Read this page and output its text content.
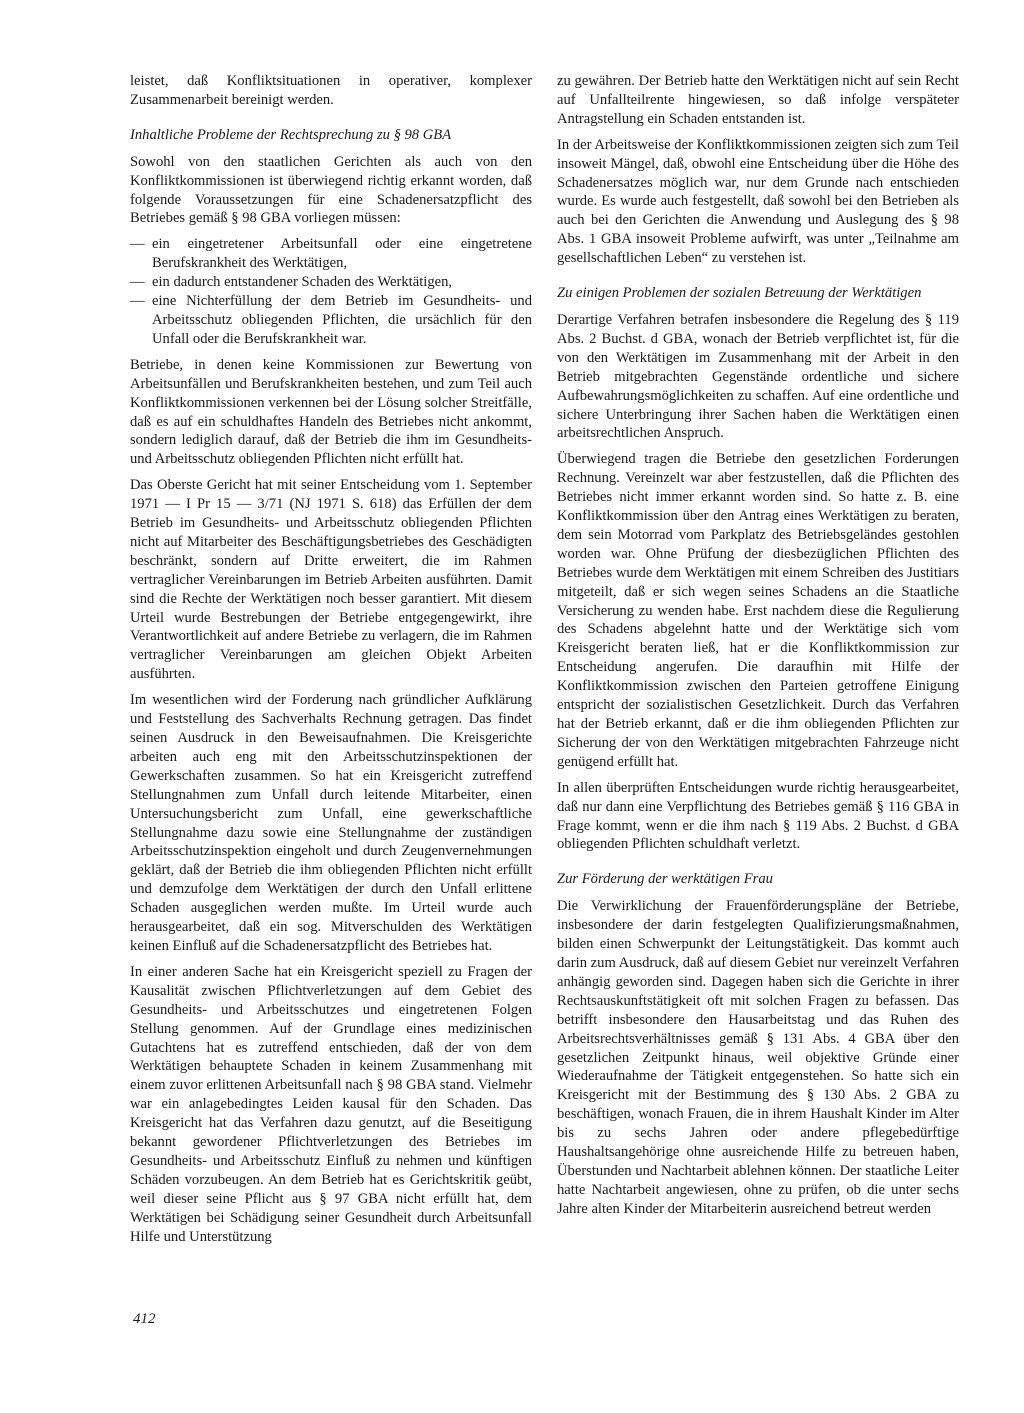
leistet, daß Konfliktsituationen in operativer, komplexer Zusammenarbeit bereinigt werden.

Inhaltliche Probleme der Rechtsprechung zu § 98 GBA

Sowohl von den staatlichen Gerichten als auch von den Konfliktkommissionen ist überwiegend richtig erkannt worden, daß folgende Voraussetzungen für eine Schadenersatzpflicht des Betriebes gemäß § 98 GBA vorliegen müssen:

— ein eingetretener Arbeitsunfall oder eine eingetretene Berufskrankheit des Werktätigen,
— ein dadurch entstandener Schaden des Werktätigen,
— eine Nichterfüllung der dem Betrieb im Gesundheits- und Arbeitsschutz obliegenden Pflichten, die ursächlich für den Unfall oder die Berufskrankheit war.

Betriebe, in denen keine Kommissionen zur Bewertung von Arbeitsunfällen und Berufskrankheiten bestehen, und zum Teil auch Konfliktkommissionen verkennen bei der Lösung solcher Streitfälle, daß es auf ein schuldhaftes Handeln des Betriebes nicht ankommt, sondern lediglich darauf, daß der Betrieb die ihm im Gesundheits- und Arbeitsschutz obliegenden Pflichten nicht erfüllt hat.

Das Oberste Gericht hat mit seiner Entscheidung vom 1. September 1971 — I Pr 15 — 3/71 (NJ 1971 S. 618) das Erfüllen der dem Betrieb im Gesundheits- und Arbeitsschutz obliegenden Pflichten nicht auf Mitarbeiter des Beschäftigungsbetriebes des Geschädigten beschränkt, sondern auf Dritte erweitert, die im Rahmen vertraglicher Vereinbarungen im Betrieb Arbeiten ausführten. Damit sind die Rechte der Werktätigen noch besser garantiert. Mit diesem Urteil wurde Bestrebungen der Betriebe entgegengewirkt, ihre Verantwortlichkeit auf andere Betriebe zu verlagern, die im Rahmen vertraglicher Vereinbarungen am gleichen Objekt Arbeiten ausführten.

Im wesentlichen wird der Forderung nach gründlicher Aufklärung und Feststellung des Sachverhalts Rechnung getragen. Das findet seinen Ausdruck in den Beweisaufnahmen. Die Kreisgerichte arbeiten auch eng mit den Arbeitsschutzinspektionen der Gewerkschaften zusammen. So hat ein Kreisgericht zutreffend Stellungnahmen zum Unfall durch leitende Mitarbeiter, einen Untersuchungsbericht zum Unfall, eine gewerkschaftliche Stellungnahme dazu sowie eine Stellungnahme der zuständigen Arbeitsschutzinspektion eingeholt und durch Zeugenvernehmungen geklärt, daß der Betrieb die ihm obliegenden Pflichten nicht erfüllt und demzufolge dem Werktätigen der durch den Unfall erlittene Schaden ausgeglichen werden mußte. Im Urteil wurde auch herausgearbeitet, daß ein sog. Mitverschulden des Werktätigen keinen Einfluß auf die Schadenersatzpflicht des Betriebes hat.

In einer anderen Sache hat ein Kreisgericht speziell zu Fragen der Kausalität zwischen Pflichtverletzungen auf dem Gebiet des Gesundheits- und Arbeitsschutzes und eingetretenen Folgen Stellung genommen. Auf der Grundlage eines medizinischen Gutachtens hat es zutreffend entschieden, daß der von dem Werktätigen behauptete Schaden in keinem Zusammenhang mit einem zuvor erlittenen Arbeitsunfall nach § 98 GBA stand. Vielmehr war ein anlagebedingtes Leiden kausal für den Schaden. Das Kreisgericht hat das Verfahren dazu genutzt, auf die Beseitigung bekannt gewordener Pflichtverletzungen des Betriebes im Gesundheits- und Arbeitsschutz Einfluß zu nehmen und künftigen Schäden vorzubeugen. An dem Betrieb hat es Gerichtskritik geübt, weil dieser seine Pflicht aus § 97 GBA nicht erfüllt hat, dem Werktätigen bei Schädigung seiner Gesundheit durch Arbeitsunfall Hilfe und Unterstützung

zu gewähren. Der Betrieb hatte den Werktätigen nicht auf sein Recht auf Unfallteilrente hingewiesen, so daß infolge verspäteter Antragstellung ein Schaden entstanden ist.

In der Arbeitsweise der Konfliktkommissionen zeigten sich zum Teil insoweit Mängel, daß, obwohl eine Entscheidung über die Höhe des Schadenersatzes möglich war, nur dem Grunde nach entschieden wurde. Es wurde auch festgestellt, daß sowohl bei den Betrieben als auch bei den Gerichten die Anwendung und Auslegung des § 98 Abs. 1 GBA insoweit Probleme aufwirft, was unter „Teilnahme am gesellschaftlichen Leben“ zu verstehen ist.

Zu einigen Problemen der sozialen Betreuung der Werktätigen

Derartige Verfahren betrafen insbesondere die Regelung des § 119 Abs. 2 Buchst. d GBA, wonach der Betrieb verpflichtet ist, für die von den Werktätigen im Zusammenhang mit der Arbeit in den Betrieb mitgebrachten Gegenstände ordentliche und sichere Aufbewahrungsmöglichkeiten zu schaffen. Auf eine ordentliche und sichere Unterbringung ihrer Sachen haben die Werktätigen einen arbeitsrechtlichen Anspruch.

Überwiegend tragen die Betriebe den gesetzlichen Forderungen Rechnung. Vereinzelt war aber festzustellen, daß die Pflichten des Betriebes nicht immer erkannt worden sind. So hatte z. B. eine Konfliktkommission über den Antrag eines Werktätigen zu beraten, dem sein Motorrad vom Parkplatz des Betriebsgeländes gestohlen worden war. Ohne Prüfung der diesbezüglichen Pflichten des Betriebes wurde dem Werktätigen mit einem Schreiben des Justitiars mitgeteilt, daß er sich wegen seines Schadens an die Staatliche Versicherung zu wenden habe. Erst nachdem diese die Regulierung des Schadens abgelehnt hatte und der Werktätige sich vom Kreisgericht beraten ließ, hat er die Konfliktkommission zur Entscheidung angerufen. Die daraufhin mit Hilfe der Konfliktkommission zwischen den Parteien getroffene Einigung entspricht der sozialistischen Gesetzlichkeit. Durch das Verfahren hat der Betrieb erkannt, daß er die ihm obliegenden Pflichten zur Sicherung der von den Werktätigen mitgebrachten Fahrzeuge nicht genügend erfüllt hat.

In allen überprüften Entscheidungen wurde richtig herausgearbeitet, daß nur dann eine Verpflichtung des Betriebes gemäß § 116 GBA in Frage kommt, wenn er die ihm nach § 119 Abs. 2 Buchst. d GBA obliegenden Pflichten schuldhaft verletzt.

Zur Förderung der werktätigen Frau

Die Verwirklichung der Frauenförderungspläne der Betriebe, insbesondere der darin festgelegten Qualifizierungsmaßnahmen, bilden einen Schwerpunkt der Leitungstätigkeit. Das kommt auch darin zum Ausdruck, daß auf diesem Gebiet nur vereinzelt Verfahren anhängig geworden sind. Dagegen haben sich die Gerichte in ihrer Rechtsauskunftstätigkeit oft mit solchen Fragen zu befassen. Das betrifft insbesondere den Hausarbeitstag und das Ruhen des Arbeitsrechtsverhältnisses gemäß § 131 Abs. 4 GBA über den gesetzlichen Zeitpunkt hinaus, weil objektive Gründe einer Wiederaufnahme der Tätigkeit entgegenstehen. So hatte sich ein Kreisgericht mit der Bestimmung des § 130 Abs. 2 GBA zu beschäftigen, wonach Frauen, die in ihrem Haushalt Kinder im Alter bis zu sechs Jahren oder andere pflegebedürftige Haushaltsangehörige ohne ausreichende Hilfe zu betreuen haben, Überstunden und Nachtarbeit ablehnen können. Der staatliche Leiter hatte Nachtarbeit angewiesen, ohne zu prüfen, ob die unter sechs Jahre alten Kinder der Mitarbeiterin ausreichend betreut werden

412
